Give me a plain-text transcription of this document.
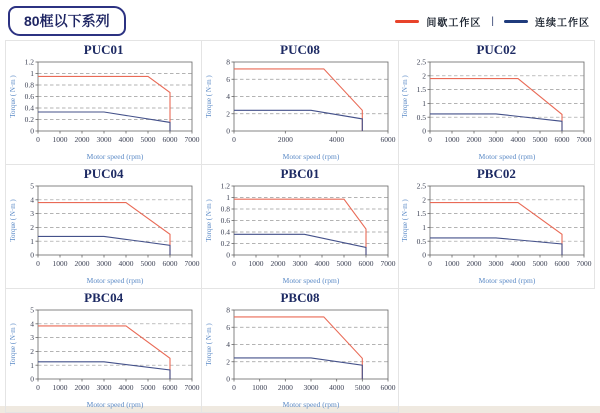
80框以下系列	间歇工作区 |	连续工作区
PUC01
0
0.2
0.4
0.6
0.8
1
1.2
0 1000 2000 3000 4000 5000 6000 7000
Motor speed (rpm)
Torque ( N·m )

PUC08
0
2
4
6
8
0	2000	4000	6000
Motor speed (rpm)
Torque ( N·m )

PUC02
0
0.5
1
1.5
2
2.5
0 1000 2000 3000 4000 5000 6000 7000
Motor speed (rpm)
Torque ( N·m )

PUC04
0
1
2
3
4
5
0 1000 2000 3000 4000 5000 6000 7000
Motor speed (rpm)
Torque ( N·m )

PBC01
0
0.2
0.4
0.6
0.8
1
1.2
0 1000 2000 3000 4000 5000 6000 7000
Motor speed (rpm)
Torque ( N·m )

PBC02
0
0.5
1
1.5
2
2.5
0 1000 2000 3000 4000 5000 6000 7000
Motor speed (rpm)
Torque ( N·m )

PBC04
0
1
2
3
4
5
0 1000 2000 3000 4000 5000 6000 7000
Motor speed (rpm)
Torque ( N·m )

PBC08
0
2
4
6
8
0 1000 2000 3000 4000 5000 6000
Motor speed (rpm)
Torque ( N·m )
